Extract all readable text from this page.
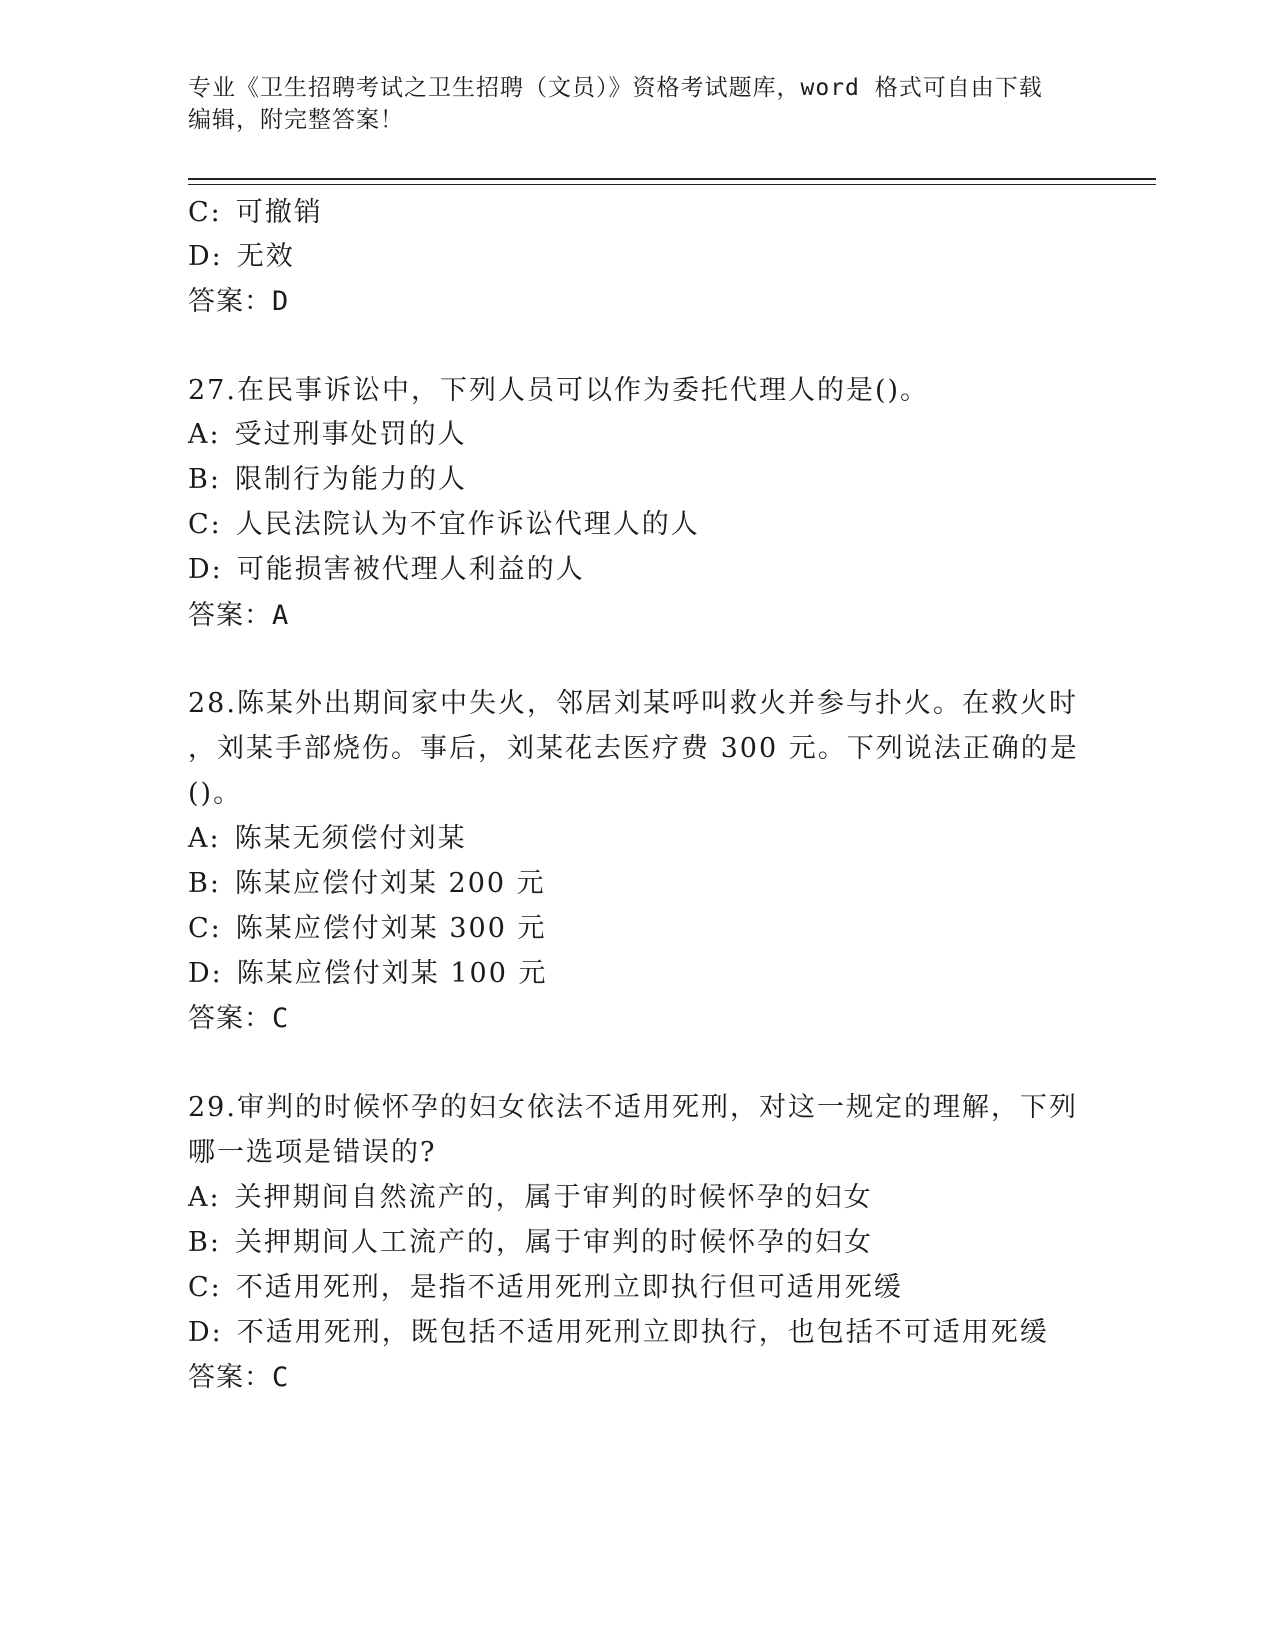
专业《卫生招聘考试之卫生招聘（文员）》资格考试题库，word 格式可自由下载
编辑，附完整答案！
C: 可撤销
D: 无效
答案：D
27.在民事诉讼中，下列人员可以作为委托代理人的是()。
A: 受过刑事处罚的人
B: 限制行为能力的人
C: 人民法院认为不宜作诉讼代理人的人
D: 可能损害被代理人利益的人
答案：A
28.陈某外出期间家中失火，邻居刘某呼叫救火并参与扑火。在救火时
，刘某手部烧伤。事后，刘某花去医疗费 300 元。下列说法正确的是
()。
A: 陈某无须偿付刘某
B: 陈某应偿付刘某 200 元
C: 陈某应偿付刘某 300 元
D: 陈某应偿付刘某 100 元
答案：C
29.审判的时候怀孕的妇女依法不适用死刑，对这一规定的理解，下列
哪一选项是错误的?
A: 关押期间自然流产的，属于审判的时候怀孕的妇女
B: 关押期间人工流产的，属于审判的时候怀孕的妇女
C: 不适用死刑，是指不适用死刑立即执行但可适用死缓
D: 不适用死刑，既包括不适用死刑立即执行，也包括不可适用死缓
答案：C
